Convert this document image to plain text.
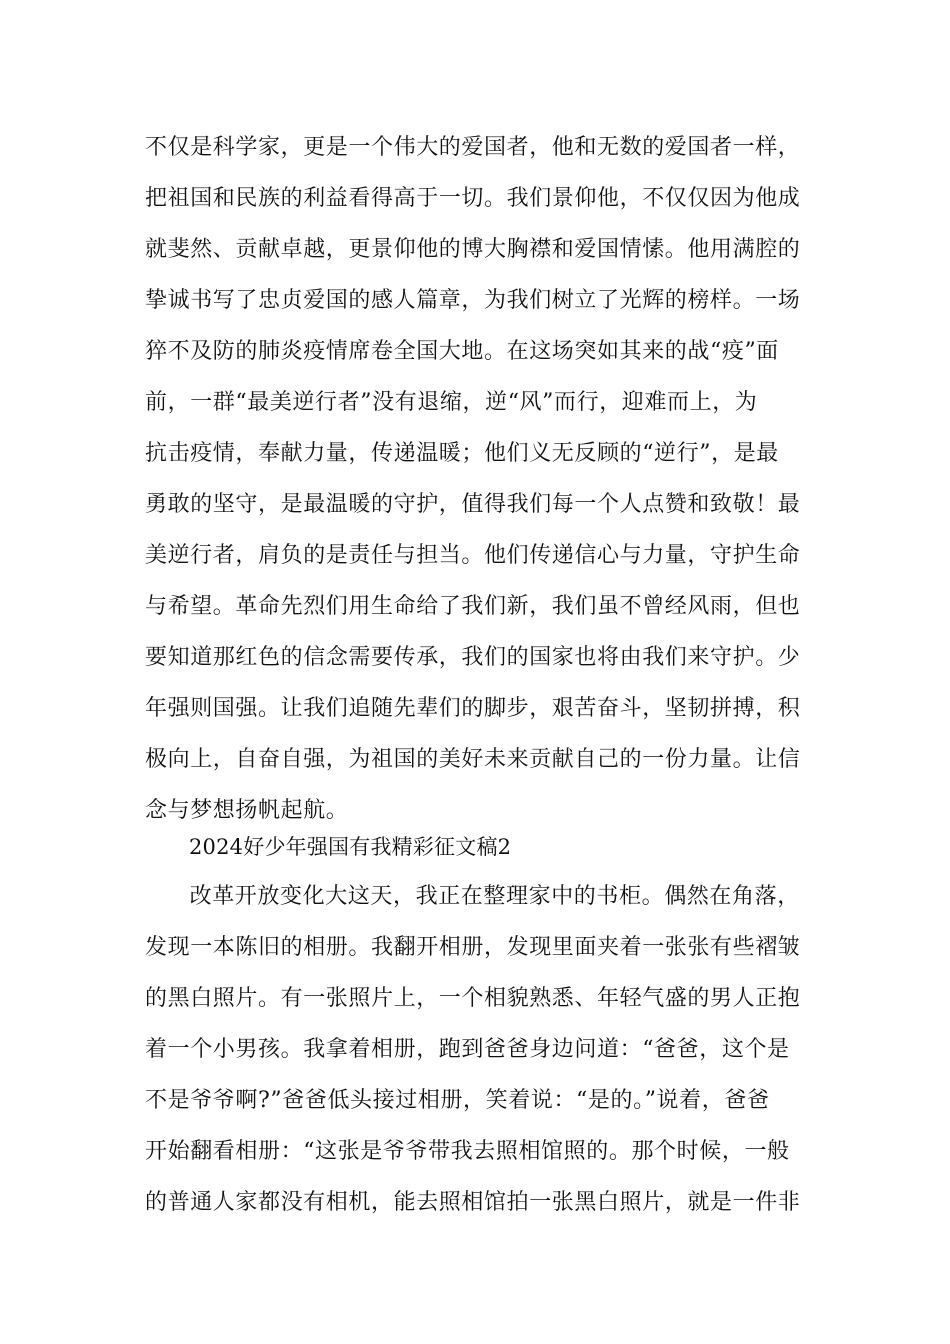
不仅是科学家，更是一个伟大的爱国者，他和无数的爱国者一样，
把祖国和民族的利益看得高于一切。我们景仰他，不仅仅因为他成
就斐然、贡献卓越，更景仰他的博大胸襟和爱国情愫。他用满腔的
挚诚书写了忠贞爱国的感人篇章，为我们树立了光辉的榜样。一场
猝不及防的肺炎疫情席卷全国大地。在这场突如其来的战“疫”面
前，一群“最美逆行者”没有退缩，逆“风”而行，迎难而上，为
抗击疫情，奉献力量，传递温暖；他们义无反顾的“逆行”，是最
勇敢的坚守，是最温暖的守护，值得我们每一个人点赞和致敬！最
美逆行者，肩负的是责任与担当。他们传递信心与力量，守护生命
与希望。革命先烈们用生命给了我们新，我们虽不曾经风雨，但也
要知道那红色的信念需要传承，我们的国家也将由我们来守护。少
年强则国强。让我们追随先辈们的脚步，艰苦奋斗，坚韧拼搏，积
极向上，自奋自强，为祖国的美好未来贡献自己的一份力量。让信
念与梦想扬帆起航。
2024好少年强国有我精彩征文稿2
　改革开放变化大这天，我正在整理家中的书柜。偶然在角落，
发现一本陈旧的相册。我翻开相册，发现里面夹着一张张有些褶皱
的黑白照片。有一张照片上，一个相貌熟悉、年轻气盛的男人正抱
着一个小男孩。我拿着相册，跑到爸爸身边问道：“爸爸，这个是
不是爷爷啊?”爸爸低头接过相册，笑着说：“是的。”说着，爸爸
开始翻看相册：“这张是爷爷带我去照相馆照的。那个时候，一般
的普通人家都没有相机，能去照相馆拍一张黑白照片，就是一件非
